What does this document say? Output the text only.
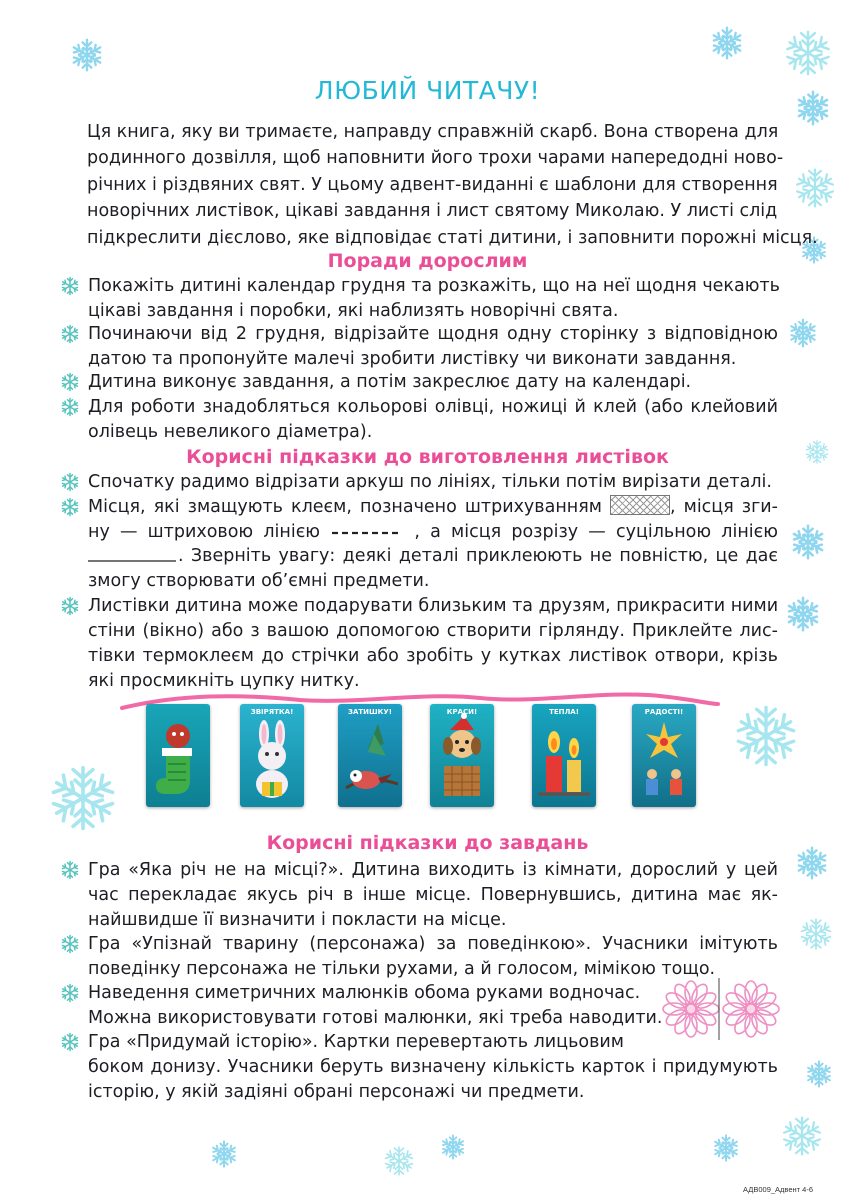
ЛЮБИЙ ЧИТАЧУ!
Ця книга, яку ви тримаєте, направду справжній скарб. Вона створена для
родинного дозвілля, щоб наповнити його трохи чарами напередодні ново-
річних і різдвяних свят. У цьому адвент-виданні є шаблони для створення
новорічних листівок, цікаві завдання і лист святому Миколаю. У листі слід
підкреслити дієслово, яке відповідає статі дитини, і заповнити порожні місця.
Поради дорослим
Покажіть дитині календар грудня та розкажіть, що на неї щодня чекають
цікаві завдання і поробки, які наблизять новорічні свята.
Починаючи від 2 грудня, відрізайте щодня одну сторінку з відповідною
датою та пропонуйте малечі зробити листівку чи виконати завдання.
Дитина виконує завдання, а потім закреслює дату на календарі.
Для роботи знадобляться кольорові олівці, ножиці й клей (або клейовий
олівець невеликого діаметра).
Корисні підказки до виготовлення листівок
Спочатку радимо відрізати аркуш по лініях, тільки потім вирізати деталі.
Місця, які змащують клеєм, позначено штрихуванням	, місця зги-
ну — штриховою лінією	, а місця розрізу — суцільною лінією
. Зверніть увагу: деякі деталі приклеюють не повністю, це дає
змогу створювати об’ємні предмети.
Листівки дитина може подарувати близьким та друзям, прикрасити ними
стіни (вікно) або з вашою допомогою створити гірлянду. Приклейте лис-
тівки термоклеєм до стрічки або зробіть у кутках листівок отвори, крізь
які просмикніть цупку нитку.
ЗВІРЯТКА!	ЗАТИШКУ!	КРАСИ!	ТЕПЛА!	РАДОСТІ!
Корисні підказки до завдань
Гра «Яка річ не на місці?». Дитина виходить із кімнати, дорослий у цей
час перекладає якусь річ в інше місце. Повернувшись, дитина має як-
найшвидше її визначити і покласти на місце.
Гра «Упізнай тварину (персонажа) за поведінкою». Учасники імітують
поведінку персонажа не тільки рухами, а й голосом, мімікою тощо.
Наведення симетричних малюнків обома руками водночас.
Можна використовувати готові малюнки, які треба наводити.
Гра «Придумай історію». Картки перевертають лицьовим
боком донизу. Учасники беруть визначену кількість карток і придумують
історію, у якій задіяні обрані персонажі чи предмети.
АДВ009_Адвент 4-6
